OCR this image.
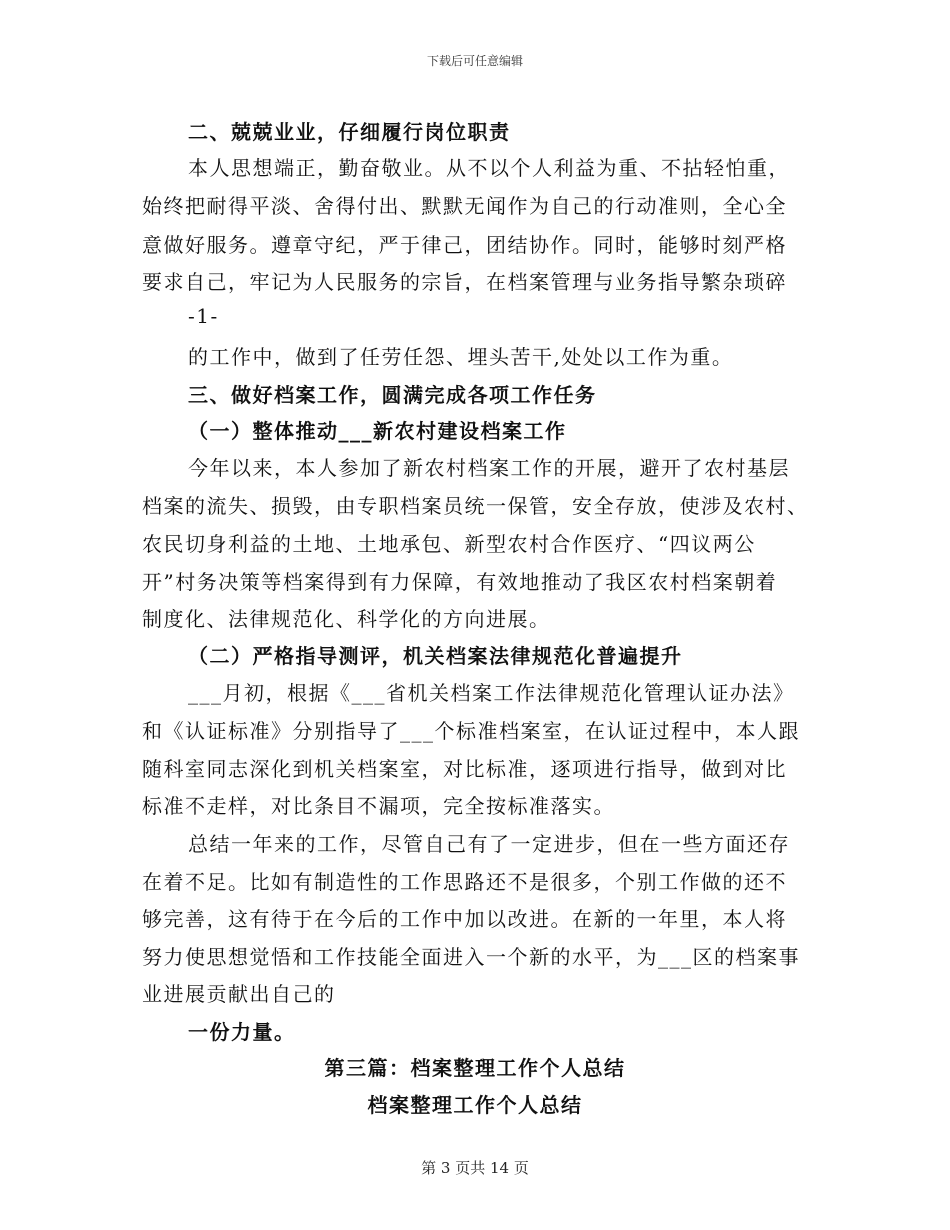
下载后可任意编辑
二、兢兢业业，仔细履行岗位职责
本人思想端正，勤奋敬业。从不以个人利益为重、不拈轻怕重，
始终把耐得平淡、舍得付出、默默无闻作为自己的行动准则，全心全
意做好服务。遵章守纪，严于律己，团结协作。同时，能够时刻严格
要求自己，牢记为人民服务的宗旨，在档案管理与业务指导繁杂琐碎
-1-
的工作中，做到了任劳任怨、埋头苦干,处处以工作为重。
三、做好档案工作，圆满完成各项工作任务
（一）整体推动___新农村建设档案工作
今年以来，本人参加了新农村档案工作的开展，避开了农村基层
档案的流失、损毁，由专职档案员统一保管，安全存放，使涉及农村、
农民切身利益的土地、土地承包、新型农村合作医疗、“四议两公
开”村务决策等档案得到有力保障，有效地推动了我区农村档案朝着
制度化、法律规范化、科学化的方向进展。
（二）严格指导测评，机关档案法律规范化普遍提升
___月初，根据《___省机关档案工作法律规范化管理认证办法》
和《认证标准》分别指导了___个标准档案室，在认证过程中，本人跟
随科室同志深化到机关档案室，对比标准，逐项进行指导，做到对比
标准不走样，对比条目不漏项，完全按标准落实。
总结一年来的工作，尽管自己有了一定进步，但在一些方面还存
在着不足。比如有制造性的工作思路还不是很多，个别工作做的还不
够完善，这有待于在今后的工作中加以改进。在新的一年里，本人将
努力使思想觉悟和工作技能全面进入一个新的水平，为___区的档案事
业进展贡献出自己的
一份力量。
第三篇：档案整理工作个人总结
档案整理工作个人总结
第 3 页共 14 页
